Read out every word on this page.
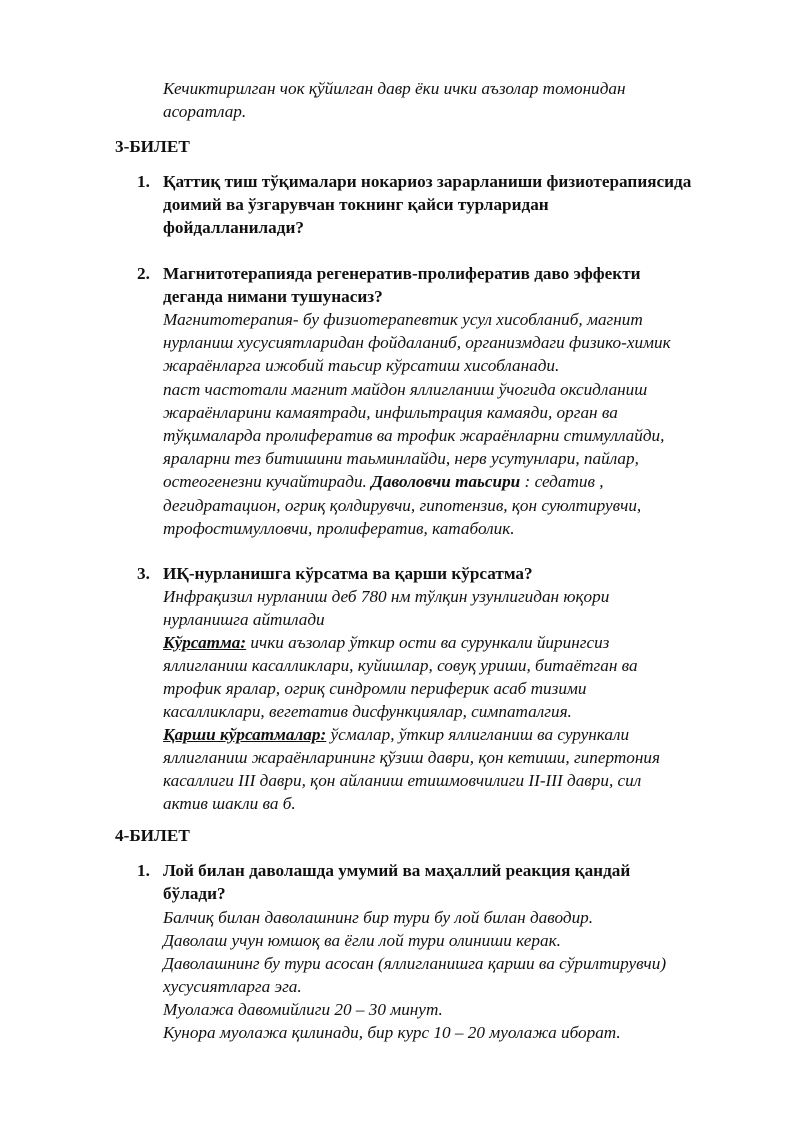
Кечиктирилган чок қўйилган давр ёки ички аъзолар томонидан
асоратлар.
3-БИЛЕТ
1. Қаттиқ тиш тўқималари нокариоз зарарланиши физиотерапиясида
доимий ва ўзгарувчан токнинг қайси турларидан
фойдалланилади?
2. Магнитотерапияда регенератив-пролифератив даво эффекти
деганда нимани тушунасиз?
Магнитотерапия- бу физиотерапевтик усул хисобланиб, магнит
нурланиш хусусиятларидан фойдаланиб, организмдаги физико-химик
жараёнларга ижобий таьсир кўрсатиш хисобланади.
паст частотали магнит майдон яллигланиш ўчогида оксидланиш
жараёнларини камаятради, инфильтрация камаяди, орган ва
тўқималарда пролифератив ва трофик жараёнларни стимуллайди,
яраларни тез битишини таьминлайди, нерв усутунлари, пайлар,
остеогенезни кучайтиради. Даволовчи таьсири : седатив ,
дегидратацион, огриқ қолдирувчи, гипотензив, қон суюлтирувчи,
трофостимулловчи, пролифератив, катаболик.
3. ИҚ-нурланишга кўрсатма ва қарши кўрсатма?
Инфрақизил нурланиш деб 780 нм тўлқин узунлигидан юқори
нурланишга айтилади
Кўрсатма: ички аъзолар ўткир ости ва сурункали йирингсиз
яллигланиш касалликлари, куйишлар, совуқ уриши, битаётган ва
трофик яралар, огриқ синдромли периферик асаб тизими
касалликлари, вегетатив дисфункциялар, симпаталгия.
Қарши кўрсатмалар: ўсмалар, ўткир яллигланиш ва сурункали
яллигланиш жараёнларининг қўзиш даври, қон кетиши, гипертония
касаллиги III даври, қон айланиш етишмовчилиги II-III даври, сил
актив шакли ва б.
4-БИЛЕТ
1. Лой билан даволашда умумий ва маҳаллий реакция қандай
бўлади?
Балчиқ билан даволашнинг бир тури бу лой билан даводир.
Даволаш учун юмшоқ ва ёгли лой тури олиниши керак.
Даволашнинг бу тури асосан (яллигланишга қарши ва сўрилтирувчи)
хусусиятларга эга.
Муолажа давомийлиги 20 – 30 минут.
Кунора муолажа қилинади, бир курс 10 – 20 муолажа иборат.
